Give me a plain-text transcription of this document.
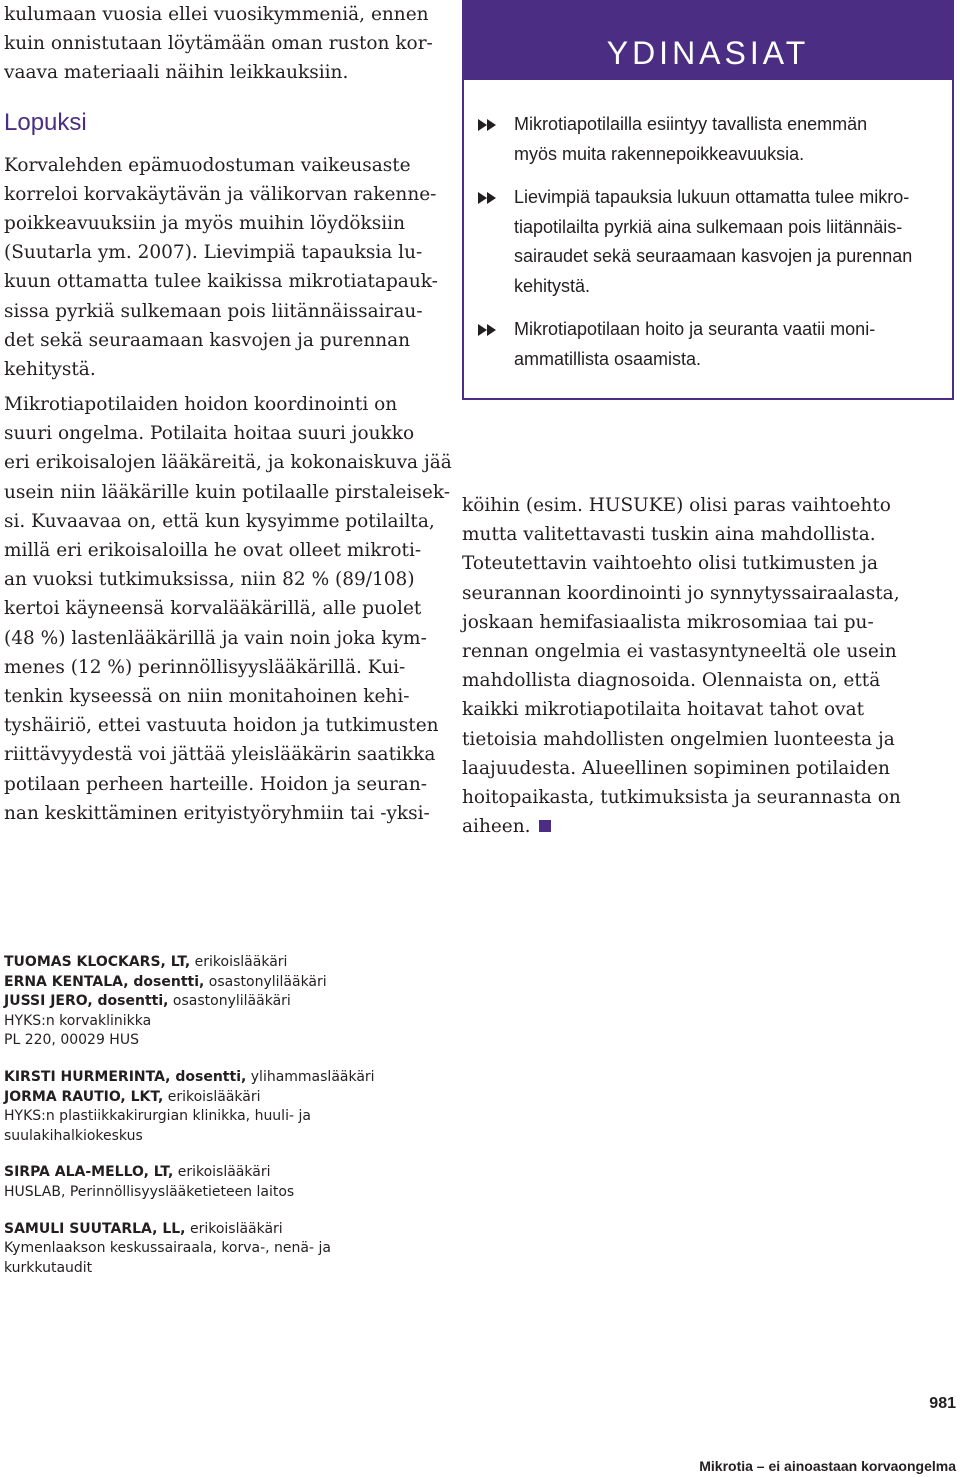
kulumaan vuosia ellei vuosikymmeniä, ennen
kuin onnistutaan löytämään oman ruston kor-
vaava materiaali näihin leikkauksiin.
Lopuksi
Korvalehden epämuodostuman vaikeusaste
korreloi korvakäytävän ja välikorvan rakenne-
poikkeavuuksiin ja myös muihin löydöksiin
(Suutarla ym. 2007). Lievimpiä tapauksia lu-
kuun ottamatta tulee kaikissa mikrotiatapauk-
sissa pyrkiä sulkemaan pois liitännäissairau-
det sekä seuraamaan kasvojen ja purennan
kehitystä.
Mikrotiapotilaiden hoidon koordinointi on
suuri ongelma. Potilaita hoitaa suuri joukko
eri erikoisalojen lääkäreitä, ja kokonaiskuva jää
usein niin lääkärille kuin potilaalle pirstaleisek-
si. Kuvaavaa on, että kun kysyimme potilailta,
millä eri erikoisaloilla he ovat olleet mikroti-
an vuoksi tutkimuksissa, niin 82 % (89/108)
kertoi käyneensä korvalääkärillä, alle puolet
(48 %) lastenlääkärillä ja vain noin joka kym-
menes (12 %) perinnöllisyyslääkärillä. Kui-
tenkin kyseessä on niin monitahoinen kehi-
tyshäiriö, ettei vastuuta hoidon ja tutkimusten
riittävyydestä voi jättää yleislääkärin saatikka
potilaan perheen harteille. Hoidon ja seuran-
nan keskittäminen erityistyöryhmiin tai -yksi-
YDINASIAT
Mikrotiapotilailla esiintyy tavallista enemmän
myös muita rakennepoikkeavuuksia.
Lievimpiä tapauksia lukuun ottamatta tulee mikro-
tiapotilailta pyrkiä aina sulkemaan pois liitännäis-
sairaudet sekä seuraamaan kasvojen ja purennan
kehitystä.
Mikrotiapotilaan hoito ja seuranta vaatii moni-
ammatillista osaamista.
köihin (esim. HUSUKE) olisi paras vaihtoehto
mutta valitettavasti tuskin aina mahdollista.
Toteutettavin vaihtoehto olisi tutkimusten ja
seurannan koordinointi jo synnytyssairaalasta,
joskaan hemifasiaalista mikrosomiaa tai pu-
rennan ongelmia ei vastasyntyneeltä ole usein
mahdollista diagnosoida. Olennaista on, että
kaikki mikrotiapotilaita hoitavat tahot ovat
tietoisia mahdollisten ongelmien luonteesta ja
laajuudesta. Alueellinen sopiminen potilaiden
hoitopaikasta, tutkimuksista ja seurannasta on
aiheen.
TUOMAS KLOCKARS, LT, erikoislääkäri
ERNA KENTALA, dosentti, osastonylilääkäri
JUSSI JERO, dosentti, osastonylilääkäri
HYKS:n korvaklinikka
PL 220, 00029 HUS
KIRSTI HURMERINTA, dosentti, ylihammaslääkäri
JORMA RAUTIO, LKT, erikoislääkäri
HYKS:n plastiikkakirurgian klinikka, huuli- ja
suulakihalkiokeskus
SIRPA ALA-MELLO, LT, erikoislääkäri
HUSLAB, Perinnöllisyyslääketieteen laitos
SAMULI SUUTARLA, LL, erikoislääkäri
Kymenlaakson keskussairaala, korva-, nenä- ja
kurkkutaudit
981
Mikrotia – ei ainoastaan korvaongelma
